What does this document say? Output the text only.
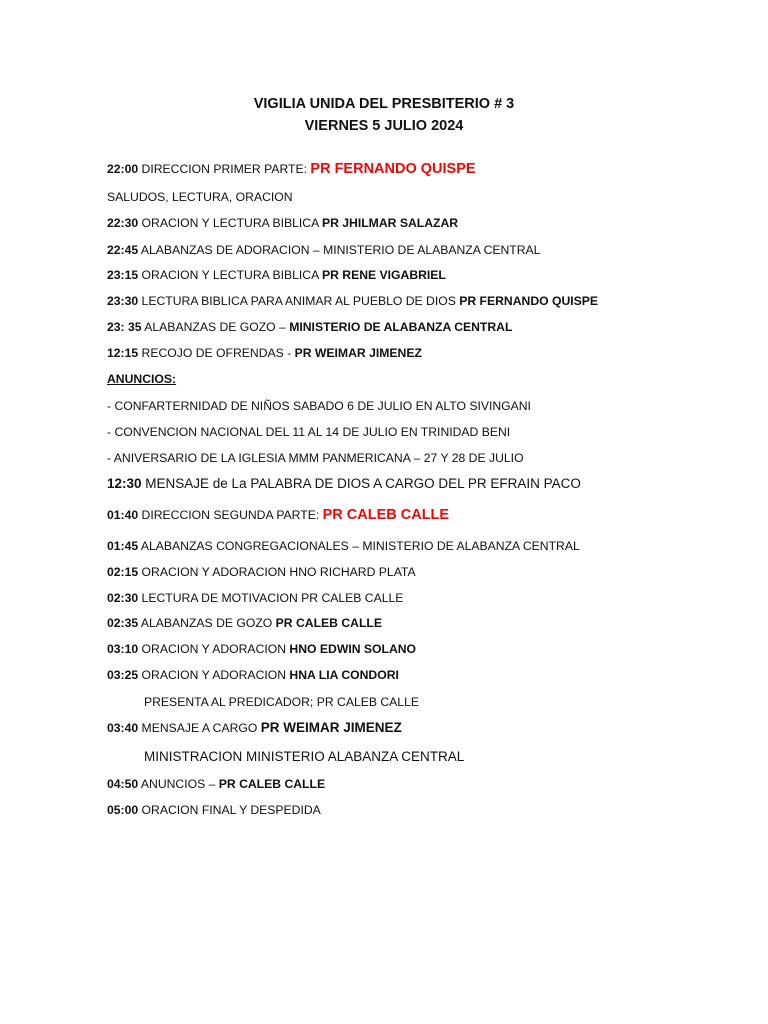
VIGILIA UNIDA DEL PRESBITERIO # 3
VIERNES 5 JULIO 2024
22:00 DIRECCION PRIMER PARTE: PR FERNANDO QUISPE
SALUDOS, LECTURA, ORACION
22:30 ORACION Y LECTURA BIBLICA PR JHILMAR SALAZAR
22:45 ALABANZAS DE ADORACION – MINISTERIO DE ALABANZA CENTRAL
23:15 ORACION Y LECTURA BIBLICA PR RENE VIGABRIEL
23:30 LECTURA BIBLICA PARA ANIMAR AL PUEBLO DE DIOS PR FERNANDO QUISPE
23: 35 ALABANZAS DE GOZO – MINISTERIO DE ALABANZA CENTRAL
12:15 RECOJO DE OFRENDAS - PR WEIMAR JIMENEZ
ANUNCIOS:
- CONFARTERNIDAD DE NIÑOS SABADO 6 DE JULIO EN ALTO SIVINGANI
- CONVENCION NACIONAL DEL 11 AL 14 DE JULIO EN TRINIDAD BENI
- ANIVERSARIO DE LA IGLESIA MMM PANMERICANA – 27 Y 28 DE JULIO
12:30 MENSAJE de La PALABRA DE DIOS A CARGO DEL PR EFRAIN PACO
01:40 DIRECCION SEGUNDA PARTE: PR CALEB CALLE
01:45 ALABANZAS CONGREGACIONALES – MINISTERIO DE ALABANZA CENTRAL
02:15 ORACION Y ADORACION HNO RICHARD PLATA
02:30 LECTURA DE MOTIVACION PR CALEB CALLE
02:35 ALABANZAS DE GOZO PR CALEB CALLE
03:10 ORACION Y ADORACION HNO EDWIN SOLANO
03:25 ORACION Y ADORACION HNA LIA CONDORI
PRESENTA AL PREDICADOR; PR CALEB CALLE
03:40 MENSAJE A CARGO PR WEIMAR JIMENEZ
MINISTRACION MINISTERIO ALABANZA CENTRAL
04:50 ANUNCIOS – PR CALEB CALLE
05:00 ORACION FINAL Y DESPEDIDA
